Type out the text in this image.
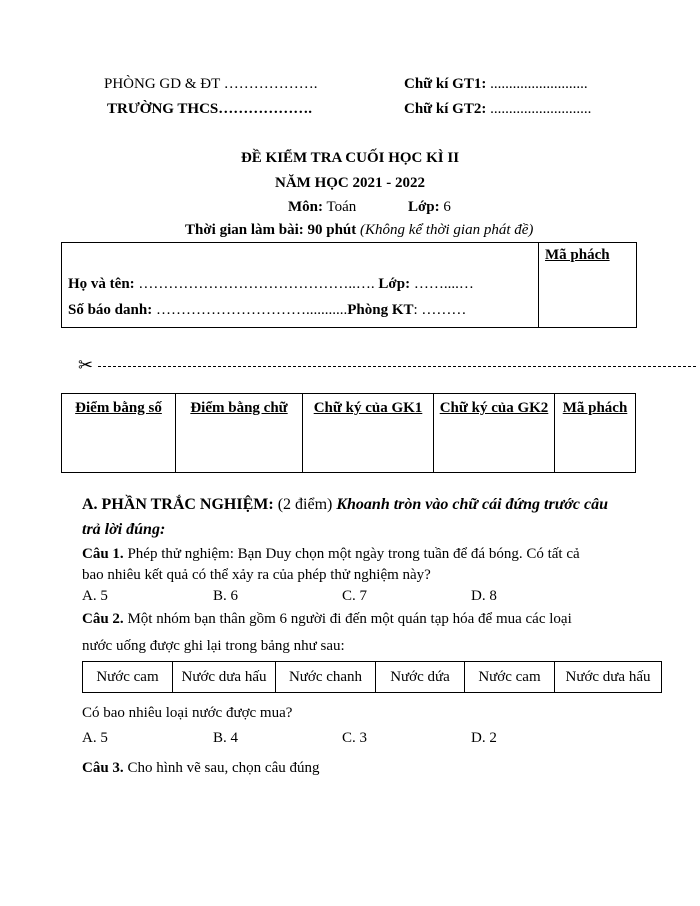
PHÒNG GD & ĐT ……………….
TRƯỜNG THCS……………….
Chữ kí GT1: ..........................
Chữ kí GT2: ...........................
ĐỀ KIỂM TRA CUỐI HỌC KÌ II
NĂM HỌC 2021 - 2022
Môn: Toán	Lớp: 6
Thời gian làm bài: 90 phút (Không kể thời gian phát đề)
Mã phách
Họ và tên: ……………………………………..…. Lớp: ……....…
Số báo danh: …………………………...........Phòng KT: ………
✂
Điểm bằng số	Điểm bằng chữ	Chữ ký của GK1	Chữ ký của GK2	Mã phách
A. PHẦN TRẮC NGHIỆM: (2 điểm) Khoanh tròn vào chữ cái đứng trước câu
trả lời đúng:
Câu 1. Phép thử nghiệm: Bạn Duy chọn một ngày trong tuần để đá bóng. Có tất cả
bao nhiêu kết quả có thể xảy ra của phép thử nghiệm này?
A. 5	B. 6	C. 7	D. 8
Câu 2. Một nhóm bạn thân gồm 6 người đi đến một quán tạp hóa để mua các loại
nước uống được ghi lại trong bảng như sau:
Nước cam	Nước dưa hấu	Nước chanh	Nước dứa	Nước cam	Nước dưa hấu
Có bao nhiêu loại nước được mua?
A. 5	B. 4	C. 3	D. 2
Câu 3. Cho hình vẽ sau, chọn câu đúng
